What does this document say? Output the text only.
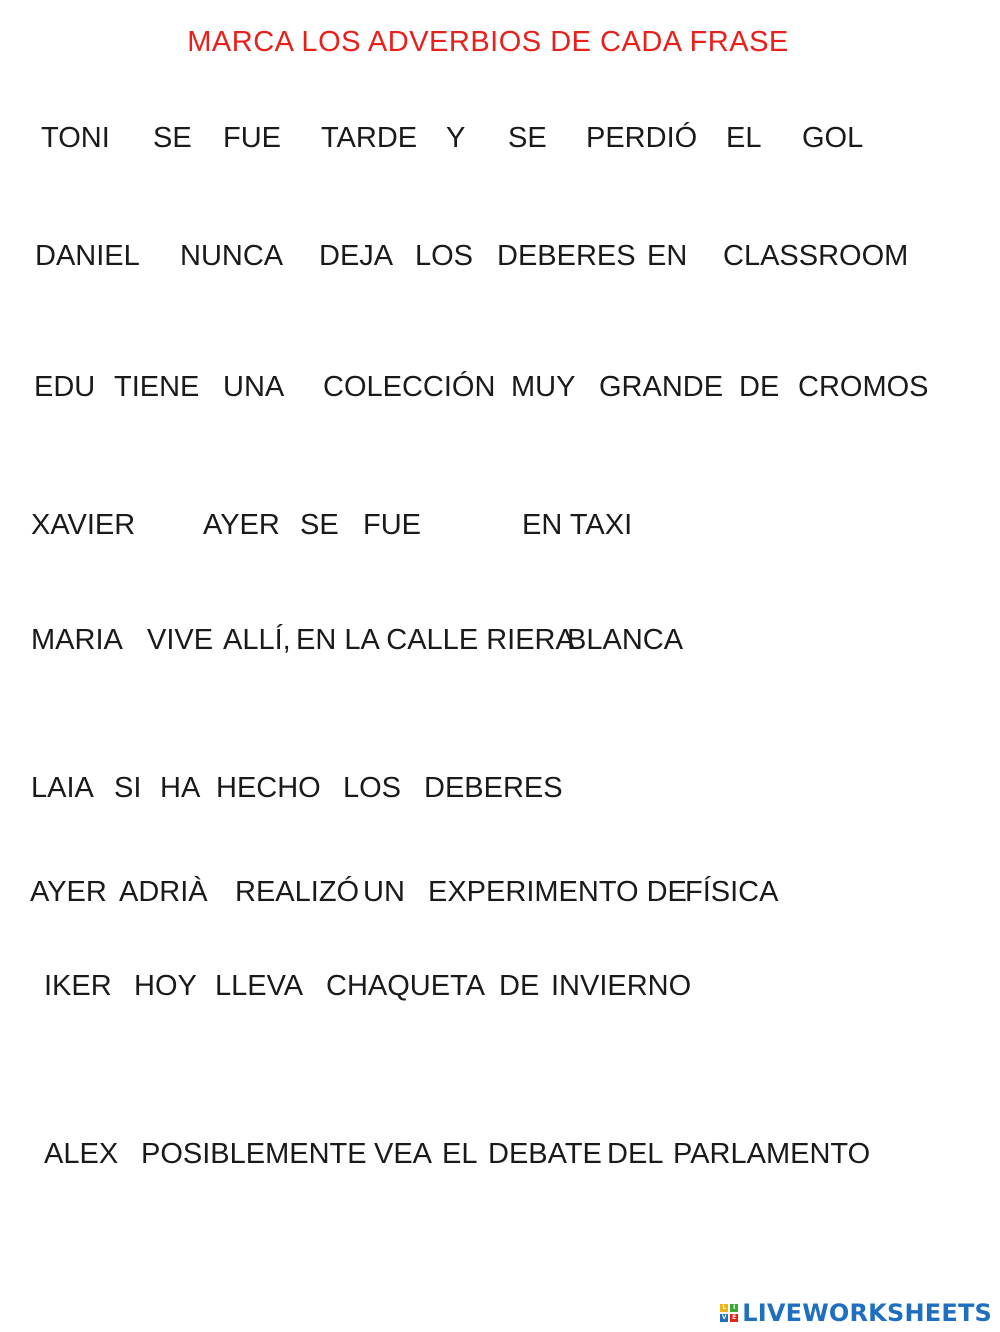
MARCA LOS ADVERBIOS DE CADA FRASE
TONI SE FUE TARDE Y SE PERDIÓ EL GOL
DANIEL NUNCA DEJA LOS DEBERES EN CLASSROOM
EDU TIENE UNA COLECCIÓN MUY GRANDE DE CROMOS
XAVIER AYER SE FUE	EN TAXI
MARIA VIVE ALLÍ, EN LA CALLE RIERA
BLANCA
LAIA SI HA HECHO LOS DEBERES
AYER ADRIÀ REALIZÓ UN EXPERIMENTO DE
FÍSICA
IKER HOY LLEVA CHAQUETA DE INVIERNO
ALEX POSIBLEMENTE VEA EL DEBATE DEL PARLAMENTO
L	I
V E LIVEWORKSHEETS
